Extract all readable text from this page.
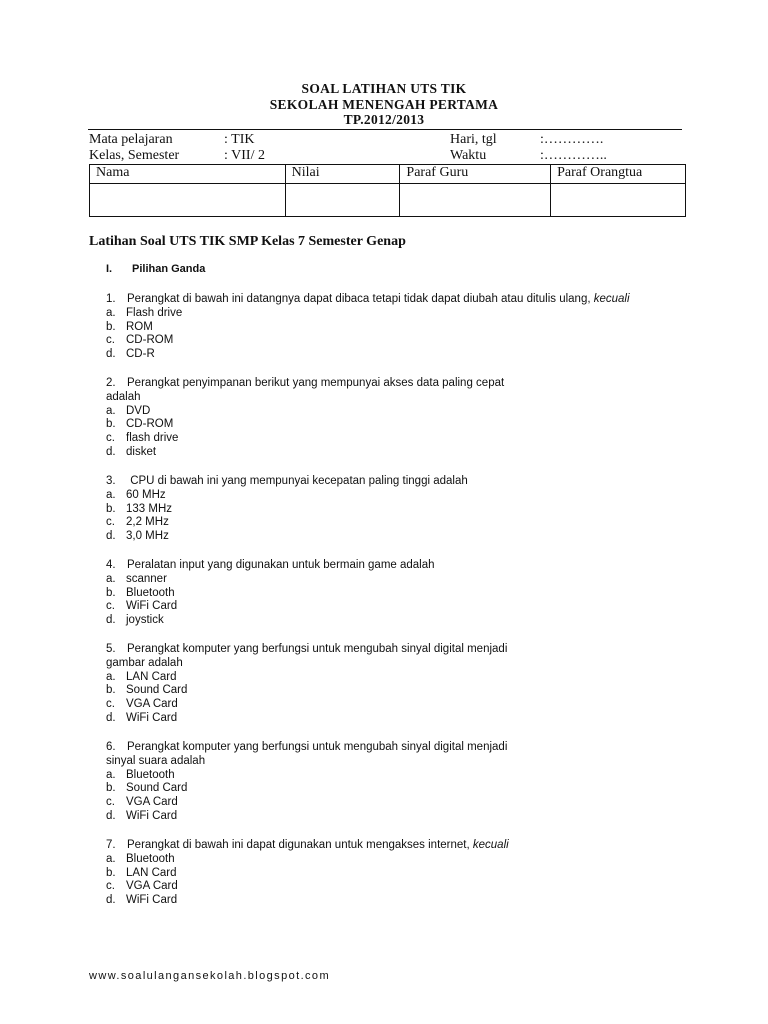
SOAL LATIHAN UTS TIK
SEKOLAH MENENGAH PERTAMA
TP.2012/2013
Mata pelajaran	: TIK	Hari, tgl	:………….
Kelas, Semester	: VII/ 2	Waktu	:…………..
Nama	Nilai	Paraf Guru	Paraf Orangtua

Latihan Soal UTS TIK SMP Kelas 7 Semester Genap
I. Pilihan Ganda
1. Perangkat di bawah ini datangnya dapat dibaca tetapi tidak dapat diubah atau ditulis ulang, kecuali
a. Flash drive
b. ROM
c. CD-ROM
d. CD-R
2. Perangkat penyimpanan berikut yang mempunyai akses data paling cepat
adalah
a. DVD
b. CD-ROM
c. flash drive
d. disket
3. CPU di bawah ini yang mempunyai kecepatan paling tinggi adalah
a. 60 MHz
b. 133 MHz
c. 2,2 MHz
d. 3,0 MHz
4. Peralatan input yang digunakan untuk bermain game adalah
a. scanner
b. Bluetooth
c. WiFi Card
d. joystick
5. Perangkat komputer yang berfungsi untuk mengubah sinyal digital menjadi
gambar adalah
a. LAN Card
b. Sound Card
c. VGA Card
d. WiFi Card
6. Perangkat komputer yang berfungsi untuk mengubah sinyal digital menjadi
sinyal suara adalah
a. Bluetooth
b. Sound Card
c. VGA Card
d. WiFi Card
7. Perangkat di bawah ini dapat digunakan untuk mengakses internet, kecuali
a. Bluetooth
b. LAN Card
c. VGA Card
d. WiFi Card
www.soalulangansekolah.blogspot.com
